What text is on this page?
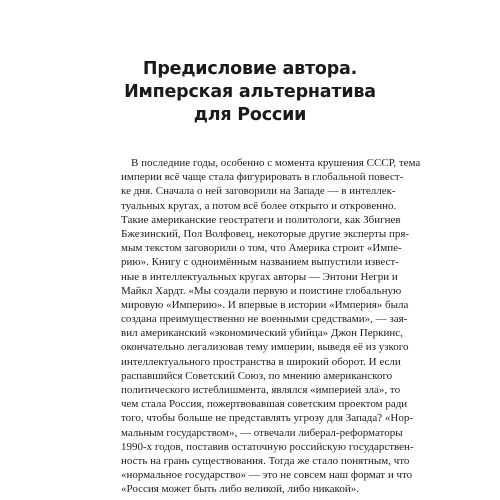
Предисловие автора.
Имперская альтернатива
для России
В последние годы, особенно с момента крушения СССР, тема
империи всё чаще стала фигурировать в глобальной повест-
ке дня. Сначала о ней заговорили на Западе — в интеллек-
туальных кругах, а потом всё более открыто и откровенно.
Такие американские геостратеги и политологи, как Збигнев
Бжезинский, Пол Волфовец, некоторые другие эксперты пря-
мым текстом заговорили о том, что Америка строит «Импе-
рию». Книгу с одноимённым названием выпустили извест-
ные в интеллектуальных кругах авторы — Энтони Негри и
Майкл Хардт. «Мы создали первую и поистине глобальную
мировую «Империю». И впервые в истории «Империя» была
создана преимущественно не военными средствами», — зая-
вил американский «экономический убийца» Джон Перкинс,
окончательно легализовав тему империи, выведя её из узкого
интеллектуального пространства в широкий оборот. И если
распавшийся Советский Союз, по мнению американского
политического истеблишмента, являлся «империей зла», то
чем стала Россия, пожертвовавшая советским проектом ради
того, чтобы больше не представлять угрозу для Запада? «Нор-
мальным государством», — отвечали либерал-реформаторы
1990-х годов, поставив остаточную российскую государствен-
ность на грань существования. Тогда же стало понятным, что
«нормальное государство» — это не совсем наш формат и что
«Россия может быть либо великой, либо никакой».
